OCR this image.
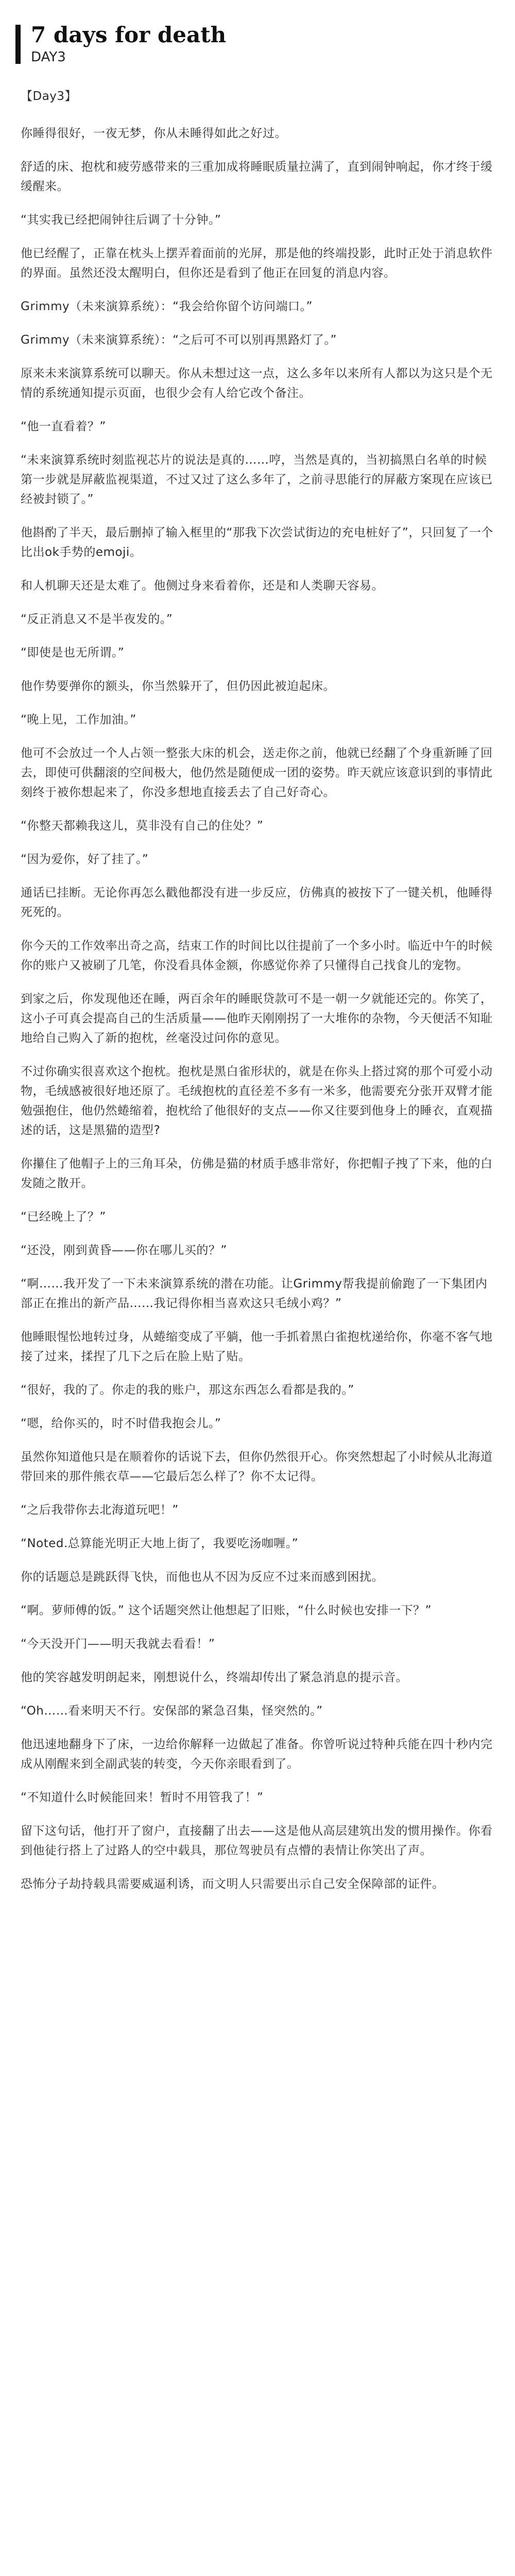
7 days for death
DAY3

【Day3】

你睡得很好，一夜无梦，你从未睡得如此之好过。

舒适的床、抱枕和疲劳感带来的三重加成将睡眠质量拉满了，直到闹钟响起，你才终于缓缓醒来。

“其实我已经把闹钟往后调了十分钟。”

他已经醒了，正靠在枕头上摆弄着面前的光屏，那是他的终端投影，此时正处于消息软件的界面。虽然还没太醒明白，但你还是看到了他正在回复的消息内容。

Grimmy（未来演算系统）：“我会给你留个访问端口。”

Grimmy（未来演算系统）：“之后可不可以别再黑路灯了。”

原来未来演算系统可以聊天。你从未想过这一点，这么多年以来所有人都以为这只是个无情的系统通知提示页面，也很少会有人给它改个备注。

“他一直看着？”

“未来演算系统时刻监视芯片的说法是真的……哼，当然是真的，当初搞黑白名单的时候第一步就是屏蔽监视渠道，不过又过了这么多年了，之前寻思能行的屏蔽方案现在应该已经被封锁了。”

他斟酌了半天，最后删掉了输入框里的“那我下次尝试街边的充电桩好了”，只回复了一个比出ok手势的emoji。

和人机聊天还是太难了。他侧过身来看着你，还是和人类聊天容易。

“反正消息又不是半夜发的。”

“即使是也无所谓。”

他作势要弹你的额头，你当然躲开了，但仍因此被迫起床。

“晚上见，工作加油。”

他可不会放过一个人占领一整张大床的机会，送走你之前，他就已经翻了个身重新睡了回去，即使可供翻滚的空间极大，他仍然是随便成一团的姿势。昨天就应该意识到的事情此刻终于被你想起来了，你没多想地直接丢去了自己好奇心。

“你整天都赖我这儿，莫非没有自己的住处？”

“因为爱你，好了挂了。”

通话已挂断。无论你再怎么戳他都没有进一步反应，仿佛真的被按下了一键关机，他睡得死死的。

你今天的工作效率出奇之高，结束工作的时间比以往提前了一个多小时。临近中午的时候你的账户又被刷了几笔，你没看具体金额，你感觉你养了只懂得自己找食儿的宠物。

到家之后，你发现他还在睡，两百余年的睡眠贷款可不是一朝一夕就能还完的。你笑了，这小子可真会提高自己的生活质量——他昨天刚刚拐了一大堆你的杂物，今天便活不知耻地给自己购入了新的抱枕，丝毫没过问你的意见。

不过你确实很喜欢这个抱枕。抱枕是黑白雀形状的，就是在你头上搭过窝的那个可爱小动物，毛绒感被很好地还原了。毛绒抱枕的直径差不多有一米多，他需要充分张开双臂才能勉强抱住，他仍然蜷缩着，抱枕给了他很好的支点——你又往要到他身上的睡衣，直观描述的话，这是黑猫的造型?

你攥住了他帽子上的三角耳朵，仿佛是猫的材质手感非常好，你把帽子拽了下来，他的白发随之散开。

“已经晚上了？”

“还没，刚到黄昏——你在哪儿买的？”

“啊……我开发了一下未来演算系统的潜在功能。让Grimmy帮我提前偷跑了一下集团内部正在推出的新产品……我记得你相当喜欢这只毛绒小鸡？”

他睡眼惺忪地转过身，从蜷缩变成了平躺，他一手抓着黑白雀抱枕递给你，你毫不客气地接了过来，揉捏了几下之后在脸上贴了贴。

“很好，我的了。你走的我的账户，那这东西怎么看都是我的。”

“嗯，给你买的，时不时借我抱会儿。”

虽然你知道他只是在顺着你的话说下去，但你仍然很开心。你突然想起了小时候从北海道带回来的那件熊衣草——它最后怎么样了？你不太记得。

“之后我带你去北海道玩吧！”

“Noted.总算能光明正大地上街了，我要吃汤咖喱。”

你的话题总是跳跃得飞快，而他也从不因为反应不过来而感到困扰。

“啊。萝师傅的饭。” 这个话题突然让他想起了旧账，“什么时候也安排一下？”

“今天没开门——明天我就去看看！”

他的笑容越发明朗起来，刚想说什么，终端却传出了紧急消息的提示音。

“Oh……看来明天不行。安保部的紧急召集，怪突然的。”

他迅速地翻身下了床，一边给你解释一边做起了准备。你曾听说过特种兵能在四十秒内完成从刚醒来到全副武装的转变，今天你亲眼看到了。

“不知道什么时候能回来！暂时不用管我了！”

留下这句话，他打开了窗户，直接翻了出去——这是他从高层建筑出发的惯用操作。你看到他徒行搭上了过路人的空中载具，那位驾驶员有点懵的表情让你笑出了声。

恐怖分子劫持载具需要威逼利诱，而文明人只需要出示自己安全保障部的证件。
